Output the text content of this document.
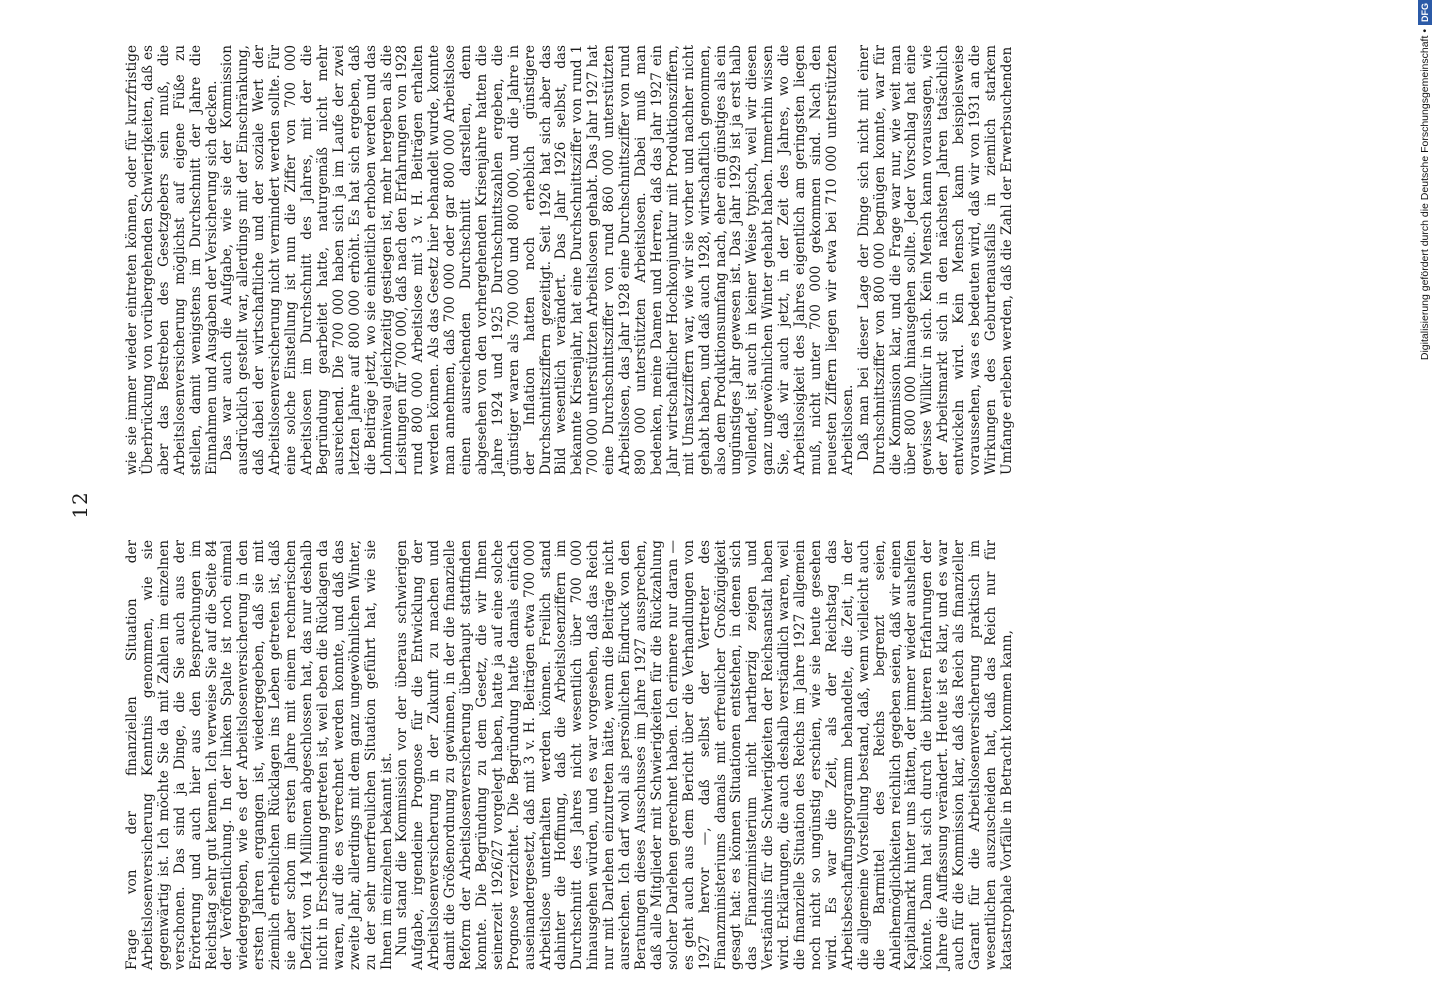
12

Frage von der finanziellen Situation der Arbeitslosenversicherung Kenntnis genommen, wie sie gegenwärtig ist. Ich möchte Sie da mit Zahlen im einzelnen verschonen. Das sind ja Dinge, die Sie auch aus der Erörterung und auch hier aus den Besprechungen im Reichstag sehr gut kennen. Ich verweise Sie auf die Seite 84 der Veröffentlichung. In der linken Spalte ist noch einmal wiedergegeben, wie es der Arbeitslosenversicherung in den ersten Jahren ergangen ist, wiedergegeben, daß sie mit ziemlich erheblichen Rücklagen ins Leben getreten ist, daß sie aber schon im ersten Jahre mit einem rechnerischen Defizit von 14 Millionen abgeschlossen hat, das nur deshalb nicht in Erscheinung getreten ist, weil eben die Rücklagen da waren, auf die es verrechnet werden konnte, und daß das zweite Jahr, allerdings mit dem ganz ungewöhnlichen Winter, zu der sehr unerfreulichen Situation geführt hat, wie sie Ihnen im einzelnen bekannt ist. Nun stand die Kommission vor der überaus schwierigen Aufgabe, irgendeine Prognose für die Entwicklung der Arbeitslosenversicherung in der Zukunft zu machen und damit die Größenordnung zu gewinnen, in der die finanzielle Reform der Arbeitslosenversicherung überhaupt stattfinden konnte. Die Begründung zu dem Gesetz, die wir Ihnen seinerzeit 1926/27 vorgelegt haben, hatte ja auf eine solche Prognose verzichtet. Die Begründung hatte damals einfach auseinandergesetzt, daß mit 3 v. H. Beiträgen etwa 700 000 Arbeitslose unterhalten werden können. Freilich stand dahinter die Hoffnung, daß die Arbeitslosenziffern im Durchschnitt des Jahres nicht wesentlich über 700 000 hinausgehen würden, und es war vorgesehen, daß das Reich nur mit Darlehen einzutreten hätte, wenn die Beiträge nicht ausreichen. Ich darf wohl als persönlichen Eindruck von den Beratungen dieses Ausschusses im Jahre 1927 aussprechen, daß alle Mitglieder mit Schwierigkeiten für die Rückzahlung solcher Darlehen gerechnet haben. Ich erinnere nur daran — es geht auch aus dem Bericht über die Verhandlungen von 1927 hervor —, daß selbst der Vertreter des Finanzministeriums damals mit erfreulicher Großzügigkeit gesagt hat: es können Situationen entstehen, in denen sich das Finanzministerium nicht hartherzig zeigen und Verständnis für die Schwierigkeiten der Reichsanstalt haben wird. Erklärungen, die auch deshalb verständlich waren, weil die finanzielle Situation des Reichs im Jahre 1927 allgemein noch nicht so ungünstig erschien, wie sie heute gesehen wird. Es war die Zeit, als der Reichstag das Arbeitsbeschaffungsprogramm behandelte, die Zeit, in der die allgemeine Vorstellung bestand, daß, wenn vielleicht auch die Barmittel des Reichs begrenzt seien, Anleihemöglichkeiten reichlich gegeben seien, daß wir einen Kapitalmarkt hinter uns hätten, der immer wieder aushelfen könnte. Dann hat sich durch die bitteren Erfahrungen der Jahre die Auffassung verändert. Heute ist es klar, und es war auch für die Kommission klar, daß das Reich als finanzieller Garant für die Arbeitslosenversicherung praktisch im wesentlichen auszuscheiden hat, daß das Reich nur für katastrophale Vorfälle in Betracht kommen kann,

wie sie immer wieder eintreten können, oder für kurzfristige Überbrückung von vorübergehenden Schwierigkeiten, daß es aber das Bestreben des Gesetzgebers sein muß, die Arbeitslosenversicherung möglichst auf eigene Füße zu stellen, damit wenigstens im Durchschnitt der Jahre die Einnahmen und Ausgaben der Versicherung sich decken. Das war auch die Aufgabe, wie sie der Kommission ausdrücklich gestellt war, allerdings mit der Einschränkung, daß dabei der wirtschaftliche und der soziale Wert der Arbeitslosenversicherung nicht vermindert werden sollte. Für eine solche Einstellung ist nun die Ziffer von 700 000 Arbeitslosen im Durchschnitt des Jahres, mit der die Begründung gearbeitet hatte, naturgemäß nicht mehr ausreichend. Die 700 000 haben sich ja im Laufe der zwei letzten Jahre auf 800 000 erhöht. Es hat sich ergeben, daß die Beiträge jetzt, wo sie einheitlich erhoben werden und das Lohnniveau gleichzeitig gestiegen ist, mehr hergeben als die Leistungen für 700 000, daß nach den Erfahrungen von 1928 rund 800 000 Arbeitslose mit 3 v. H. Beiträgen erhalten werden können. Als das Gesetz hier behandelt wurde, konnte man annehmen, daß 700 000 oder gar 800 000 Arbeitslose einen ausreichenden Durchschnitt darstellen, denn abgesehen von den vorhergehenden Krisenjahre hatten die Jahre 1924 und 1925 Durchschnittszahlen ergeben, die günstiger waren als 700 000 und 800 000, und die Jahre in der Inflation hatten noch erheblich günstigere Durchschnittsziffern gezeitigt. Seit 1926 hat sich aber das Bild wesentlich verändert. Das Jahr 1926 selbst, das bekannte Krisenjahr, hat eine Durchschnittsziffer von rund 1 700 000 unterstützten Arbeitslosen gehabt. Das Jahr 1927 hat eine Durchschnittsziffer von rund 860 000 unterstützten Arbeitslosen, das Jahr 1928 eine Durchschnittsziffer von rund 890 000 unterstützten Arbeitslosen. Dabei muß man bedenken, meine Damen und Herren, daß das Jahr 1927 ein Jahr wirtschaftlicher Hochkonjunktur mit Produktionsziffern, mit Umsatzziffern war, wie wir sie vorher und nachher nicht gehabt haben, und daß auch 1928, wirtschaftlich genommen, also dem Produktionsumfang nach, eher ein günstiges als ein ungünstiges Jahr gewesen ist. Das Jahr 1929 ist ja erst halb vollendet, ist auch in keiner Weise typisch, weil wir diesen ganz ungewöhnlichen Winter gehabt haben. Immerhin wissen Sie, daß wir auch jetzt, in der Zeit des Jahres, wo die Arbeitslosigkeit des Jahres eigentlich am geringsten liegen muß, nicht unter 700 000 gekommen sind. Nach den neuesten Ziffern liegen wir etwa bei 710 000 unterstützten Arbeitslosen. Daß man bei dieser Lage der Dinge sich nicht mit einer Durchschnittsziffer von 800 000 begnügen konnte, war für die Kommission klar, und die Frage war nur, wie weit man über 800 000 hinausgehen sollte. Jeder Vorschlag hat eine gewisse Willkür in sich. Kein Mensch kann voraussagen, wie der Arbeitsmarkt sich in den nächsten Jahren tatsächlich entwickeln wird. Kein Mensch kann beispielsweise voraussehen, was es bedeuten wird, daß wir von 1931 an die Wirkungen des Geburtenausfalls in ziemlich starkem Umfange erleben werden, daß die Zahl der Erwerbsuchenden	Digitalisierung gefördert durch die Deutsche Forschungsgemeinschaft •DFG
